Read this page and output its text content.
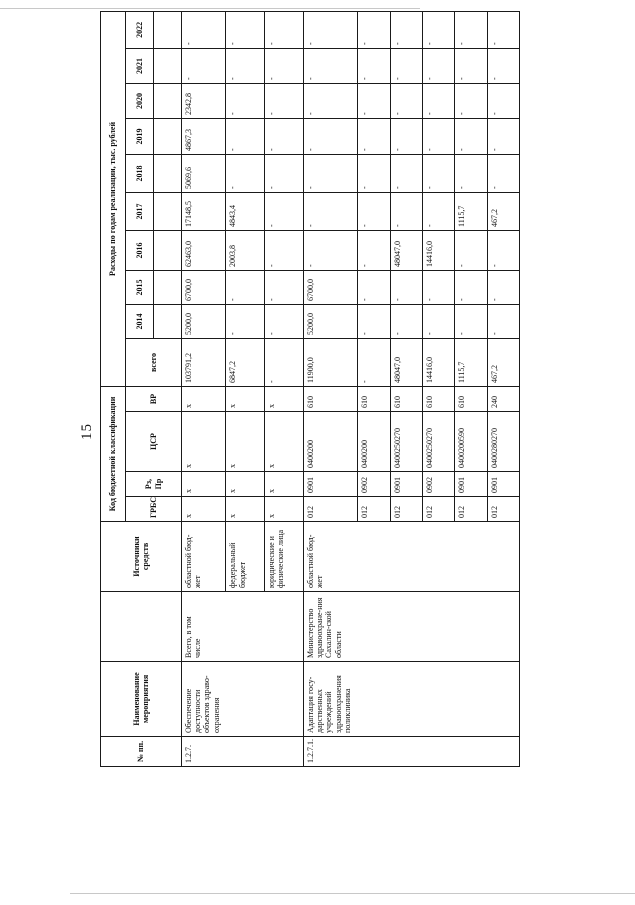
15
№ пп.	Наименование мероприятия		Источники средств	Код бюджетной классификации				Расходы по годам реализации, тыс. рублей									
				ГРБС	Рз, Пр	ЦСР	ВР	всего	2014	2015	2016	2017	2018	2019	2020	2021	2022

1.2.7.	Обеспечение доступности объектов здраво-охранения	Всего, в том числе	областной бюд-жет	x	x	x	x	103791,2	5200,0	6700,0	62463,0	17148,5	5069,6	4867,3	2342,8	-	-
			федеральный бюджет	x	x	x	x	6847,2	-	-	2003,8	4843,4	-	-	-	-	-
			юридические и физические лица	x	x	x	x	-	-	-	-	-	-	-	-	-	-
1.2.7.1.	Адаптация госу-дарственных учреждений здравоохранения поликлиника	Министерство здравоохране-ния Сахалин-ской области	областной бюд-жет	012	0901	0400200	610	11900,0	5200,0	6700,0	-	-	-	-	-	-	-
				012	0902	0400200	610	-	-	-	-	-	-	-	-	-	-
				012	0901	0400250270	610	48047,0	-	-	48047,0	-	-	-	-	-	-
				012	0902	0400250270	610	14416,0	-	-	14416,0	-	-	-	-	-	-
				012	0901	0400200590	610	1115,7	-	-	-	1115,7	-	-	-	-	-
				012	0901	0400280270	240	467,2	-	-	-	467,2	-	-	-	-	-
